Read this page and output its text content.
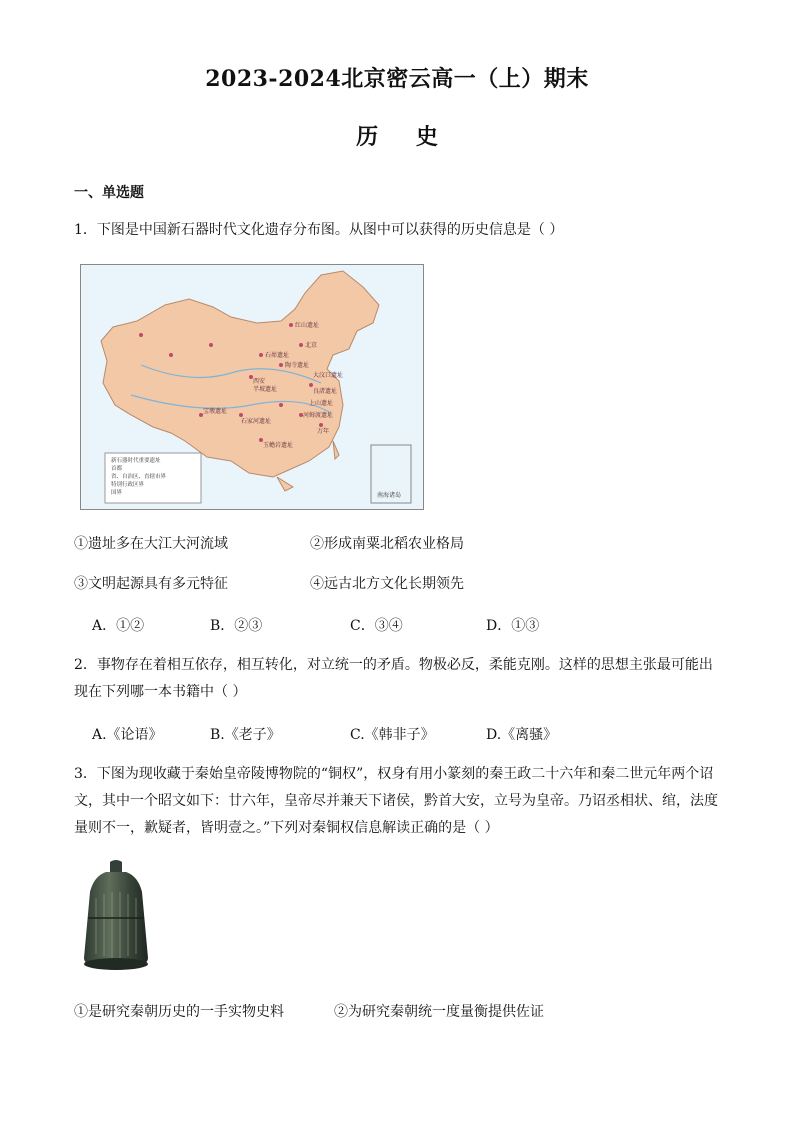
2023-2024北京密云高一（上）期末
历 史
一、单选题
1．下图是中国新石器时代文化遗存分布图。从图中可以获得的历史信息是（ ）
红山遗址
北京
石峁遗址
陶寺遗址
大汶口遗址
西安
半坡遗址	良渚遗址
河姆渡遗址
石家河遗址
宝墩遗址
玉蟾岩遗址
上山遗址
万年
南海诸岛
新石器时代重要遗址
首都
省、自治区、直辖市界
特别行政区界
国界
①遗址多在大江大河流域	②形成南粟北稻农业格局
③文明起源具有多元特征	④远古北方文化长期领先
A．①②	B．②③	C．③④	D．①③
2．事物存在着相互依存，相互转化，对立统一的矛盾。物极必反，柔能克刚。这样的思想主张最可能出
现在下列哪一本书籍中（ ）
A.《论语》	B.《老子》	C.《韩非子》	D.《离骚》
3．下图为现收藏于秦始皇帝陵博物院的“铜权”，权身有用小篆刻的秦王政二十六年和秦二世元年两个诏
文，其中一个昭文如下：廿六年，皇帝尽并兼天下诸侯，黔首大安，立号为皇帝。乃诏丞相状、绾，法度
量则不一，歉疑者，皆明壹之。”下列对秦铜权信息解读正确的是（ ）
①是研究秦朝历史的一手实物史料	②为研究秦朝统一度量衡提供佐证
